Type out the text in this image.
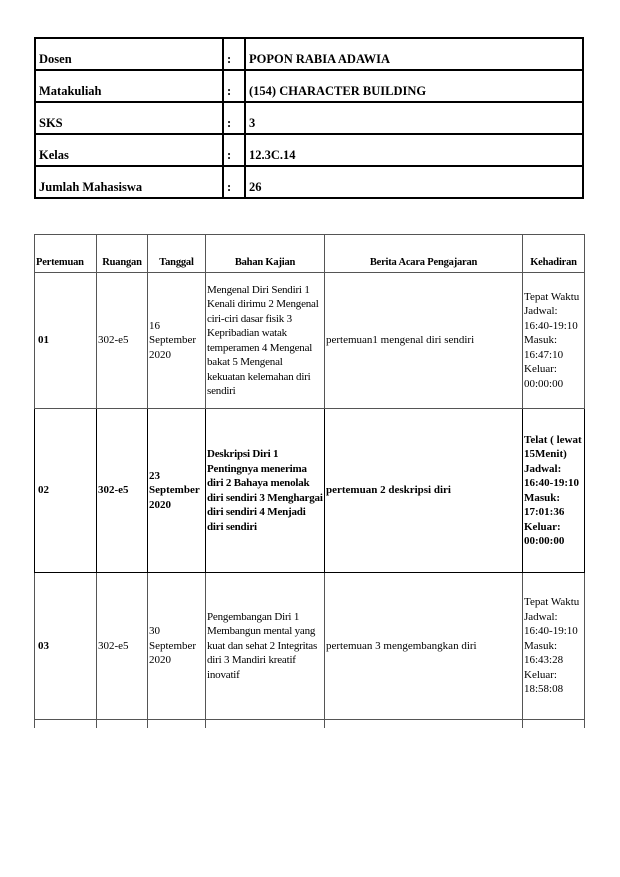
Dosen	:	POPON RABIA ADAWIA
Matakuliah	:	(154) CHARACTER BUILDING
SKS	:	3
Kelas	:	12.3C.14
Jumlah Mahasiswa	:	26
Pertemuan	Ruangan	Tanggal	Bahan Kajian	Berita Acara Pengajaran	Kehadiran
01	302-e5	16 September 2020	Mengenal Diri Sendiri 1 Kenali dirimu 2 Mengenal ciri-ciri dasar fisik 3 Kepribadian watak temperamen 4 Mengenal bakat 5 Mengenal kekuatan kelemahan diri sendiri	pertemuan1 mengenal diri sendiri	Tepat Waktu Jadwal: 16:40-19:10 Masuk: 16:47:10 Keluar: 00:00:00
02	302-e5	23 September 2020	Deskripsi Diri 1 Pentingnya menerima diri 2 Bahaya menolak diri sendiri 3 Menghargai diri sendiri 4 Menjadi diri sendiri	pertemuan 2 deskripsi diri	Telat ( lewat 15Menit) Jadwal: 16:40-19:10 Masuk: 17:01:36 Keluar: 00:00:00
03	302-e5	30 September 2020	Pengembangan Diri 1 Membangun mental yang kuat dan sehat 2 Integritas diri 3 Mandiri kreatif inovatif	pertemuan 3 mengembangkan diri	Tepat Waktu Jadwal: 16:40-19:10 Masuk: 16:43:28 Keluar: 18:58:08
